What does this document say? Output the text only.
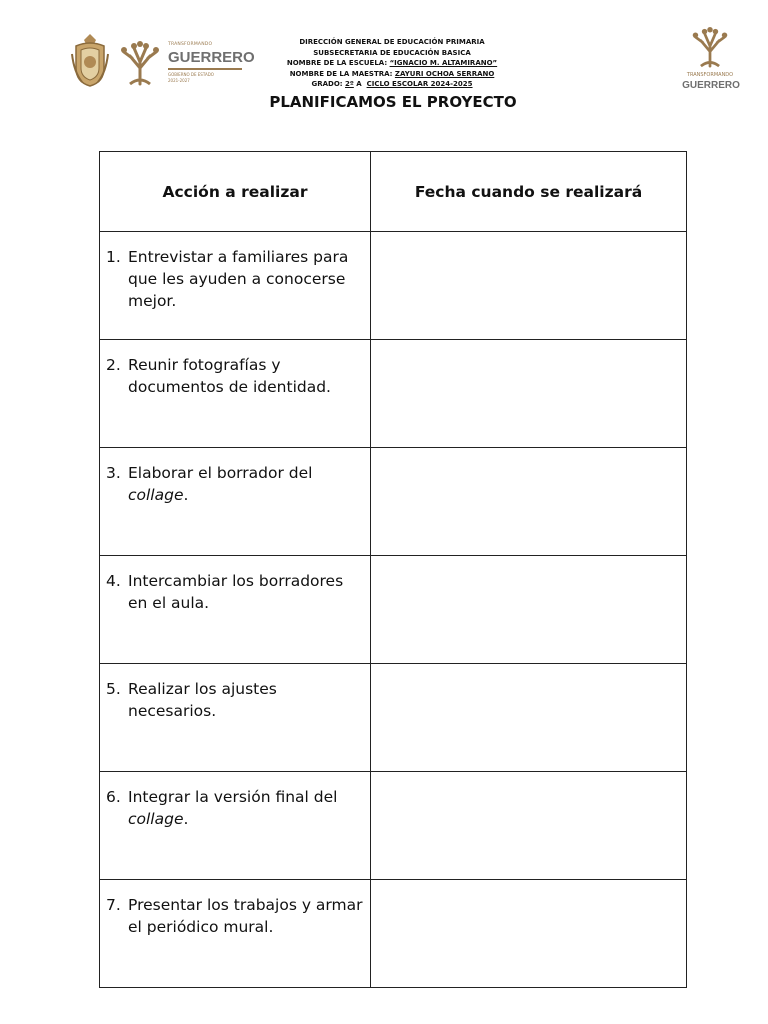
TRANSFORMANDO
GUERRERO
GOBIERNO DE ESTADO
2021-2027
TRANSFORMANDO
GUERRERO
DIRECCIÓN GENERAL DE EDUCACIÓN PRIMARIA
SUBSECRETARIA DE EDUCACIÓN BASICA
NOMBRE DE LA ESCUELA: “IGNACIO M. ALTAMIRANO”
NOMBRE DE LA MAESTRA: ZAYURI OCHOA SERRANO
GRADO: 2º A  CICLO ESCOLAR 2024-2025
PLANIFICAMOS EL PROYECTO
Acción a realizar	Fecha cuando se realizará

1. Entrevistar a familiares para que les ayuden a conocerse mejor.	

2. Reunir fotografías y documentos de identidad.	

3. Elaborar el borrador del collage.	

4. Intercambiar los borradores en el aula.	

5. Realizar los ajustes necesarios.	

6. Integrar la versión final del collage.	

7. Presentar los trabajos y armar el periódico mural.	
